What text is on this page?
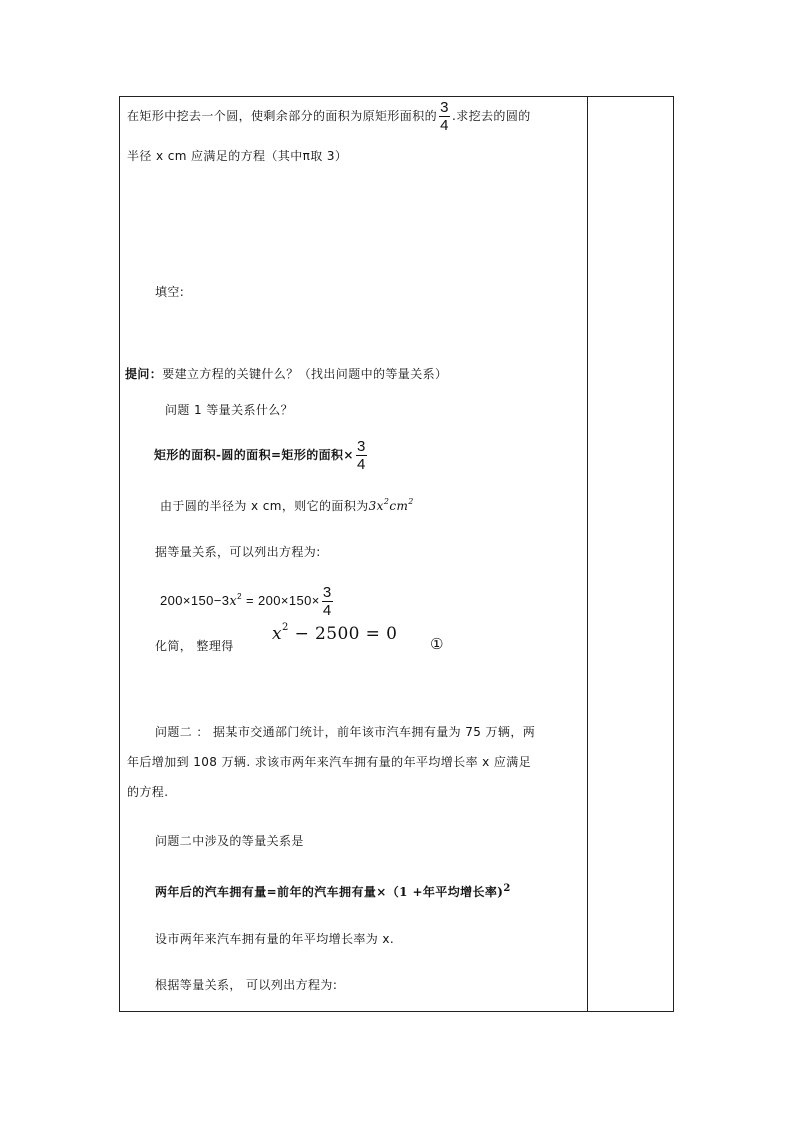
在矩形中挖去一个圆，使剩余部分的面积为原矩形面积的 $\frac{3}{4}$ .求挖去的圆的
半径 x cm 应满足的方程（其中π取 3）
填空:
提问：要建立方程的关键什么？（找出问题中的等量关系）
问题 1 等量关系什么？
矩形的面积-圆的面积=矩形的面积× $\frac{3}{4}$
由于圆的半径为 x cm，则它的面积为$3x^2cm^2$
据等量关系，可以列出方程为:
$200\times 150-3x^2 = 200\times 150\times \frac{3}{4}$
化简， 整理得
$x^2 - 2500 = 0$ ①
问题二 ： 据某市交通部门统计，前年该市汽车拥有量为 75 万辆，两
年后增加到 108 万辆. 求该市两年来汽车拥有量的年平均增长率 x 应满足
的方程.
问题二中涉及的等量关系是
两年后的汽车拥有量=前年的汽车拥有量×（1 +年平均增长率)$^2$
设市两年来汽车拥有量的年平均增长率为 x.
根据等量关系， 可以列出方程为:
